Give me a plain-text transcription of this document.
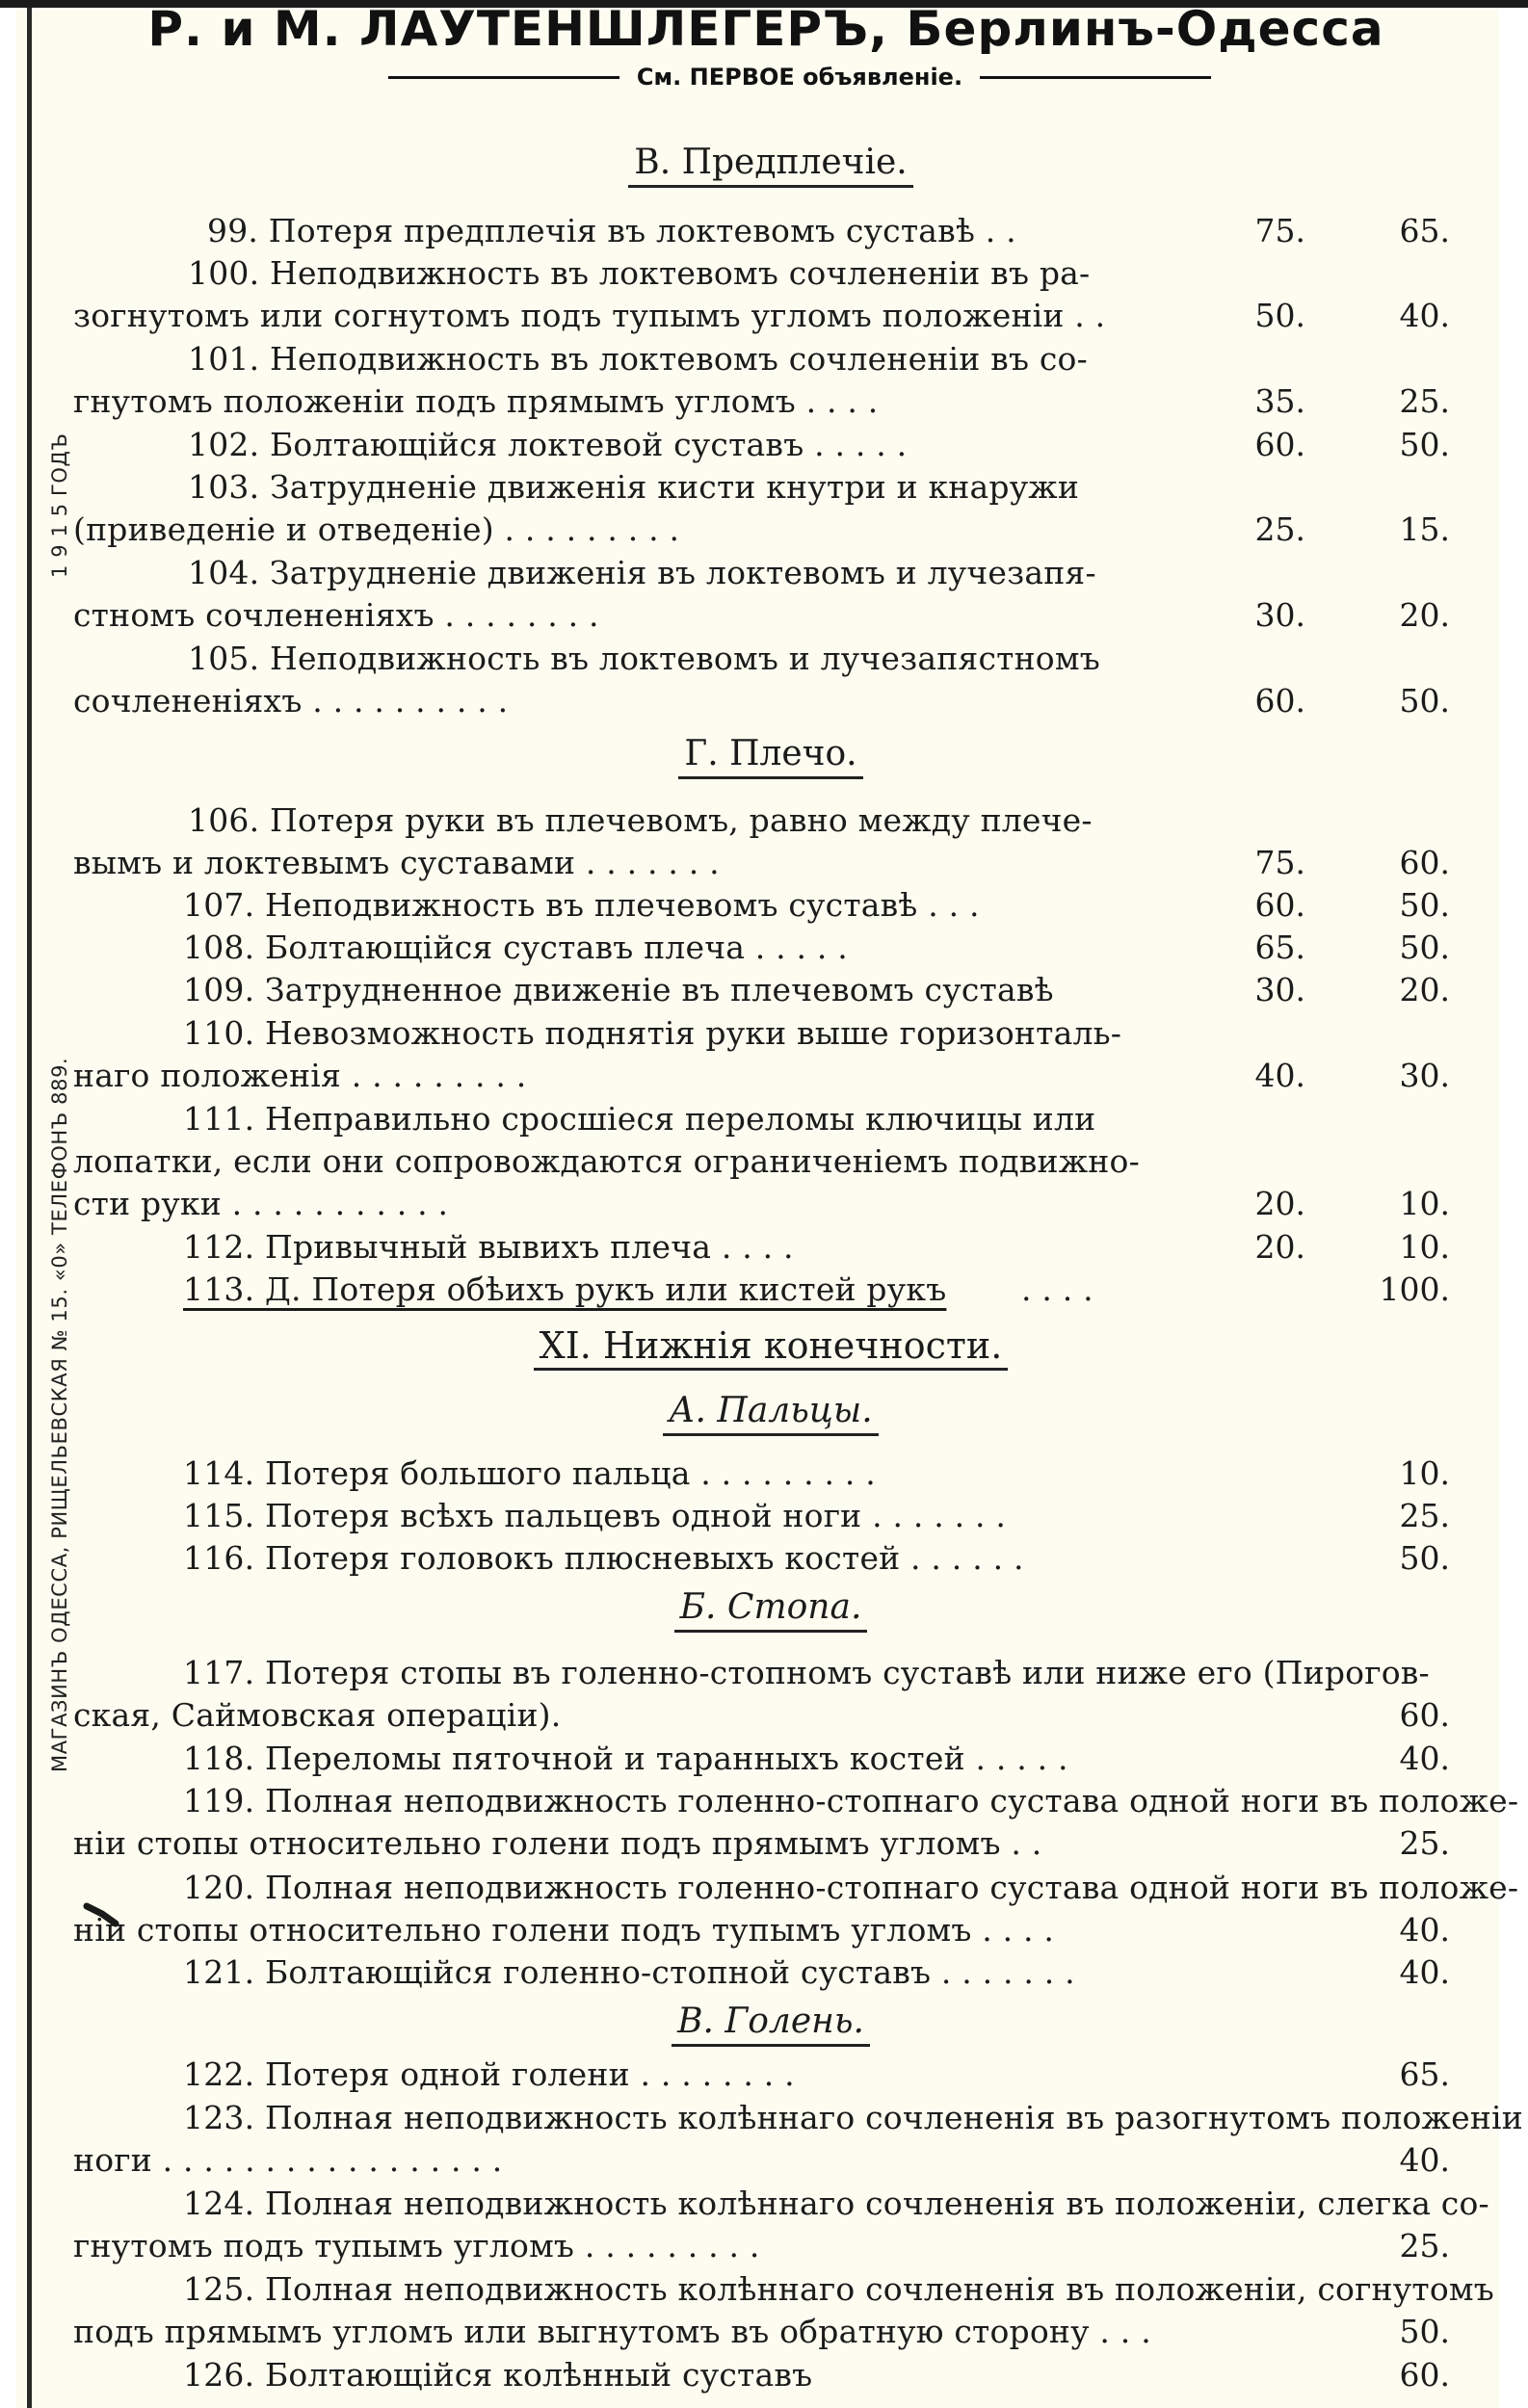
Р. и М. ЛАУТЕНШЛЕГЕРЪ, Берлинъ-Одесса
См. ПЕРВОЕ объявленіе.
1 9 1 5 ГОДЪ
МАГАЗИНЪ ОДЕССА, РИЩЕЛЬЕВСКАЯ № 15. «0» ТЕЛЕФОНЪ 889.
В. Предплечіе.
99. Потеря предплечія въ локтевомъ суставѣ . .	75.	65.
100. Неподвижность въ локтевомъ сочлененіи въ ра-
зогнутомъ или согнутомъ подъ тупымъ угломъ положеніи . .	50.	40.
101. Неподвижность въ локтевомъ сочлененіи въ со-
гнутомъ положеніи подъ прямымъ угломъ . . . .	35.	25.
102. Болтающійся локтевой суставъ . . . . .	60.	50.
103. Затрудненіе движенія кисти кнутри и кнаружи
(приведеніе и отведеніе) . . . . . . . . .	25.	15.
104. Затрудненіе движенія въ локтевомъ и лучезапя-
стномъ сочлененіяхъ . . . . . . . .	30.	20.
105. Неподвижность въ локтевомъ и лучезапястномъ
сочлененіяхъ . . . . . . . . . .	60.	50.
Г. Плечо.
106. Потеря руки въ плечевомъ, равно между плече-
вымъ и локтевымъ суставами . . . . . . .	75.	60.
107. Неподвижность въ плечевомъ суставѣ . . .	60.	50.
108. Болтающійся суставъ плеча . . . . .	65.	50.
109. Затрудненное движеніе въ плечевомъ суставѣ	30.	20.
110. Невозможность поднятія руки выше горизонталь-
наго положенія . . . . . . . . .	40.	30.
111. Неправильно сросшіеся переломы ключицы или
лопатки, если они сопровождаются ограниченіемъ подвижно-
сти руки . . . . . . . . . . .	20.	10.
112. Привычный вывихъ плеча . . . .	20.	10.
113. Д. Потеря обѣихъ рукъ или кистей рукъ . . . .	100.
XI. Нижнія конечности.
А. Пальцы.
114. Потеря большого пальца . . . . . . . . .	10.
115. Потеря всѣхъ пальцевъ одной ноги . . . . . . .	25.
116. Потеря головокъ плюсневыхъ костей . . . . . .	50.
Б. Стопа.
117. Потеря стопы въ голенно-стопномъ суставѣ или ниже его (Пирогов-
ская, Саймовская операціи).	60.
118. Переломы пяточной и таранныхъ костей . . . . .	40.
119. Полная неподвижность голенно-стопнаго сустава одной ноги въ положе-
ніи стопы относительно голени подъ прямымъ угломъ . .	25.
120. Полная неподвижность голенно-стопнаго сустава одной ноги въ положе-
ніи стопы относительно голени подъ тупымъ угломъ . . . .	40.
121. Болтающійся голенно-стопной суставъ . . . . . . .	40.
В. Голень.
122. Потеря одной голени . . . . . . . .	65.
123. Полная неподвижность колѣннаго сочлененія въ разогнутомъ положеніи
ноги . . . . . . . . . . . . . . . . .	40.
124. Полная неподвижность колѣннаго сочлененія въ положеніи, слегка со-
гнутомъ подъ тупымъ угломъ . . . . . . . . .	25.
125. Полная неподвижность колѣннаго сочлененія въ положеніи, согнутомъ
подъ прямымъ угломъ или выгнутомъ въ обратную сторону . . .	50.
126. Болтающійся колѣнный суставъ	60.
